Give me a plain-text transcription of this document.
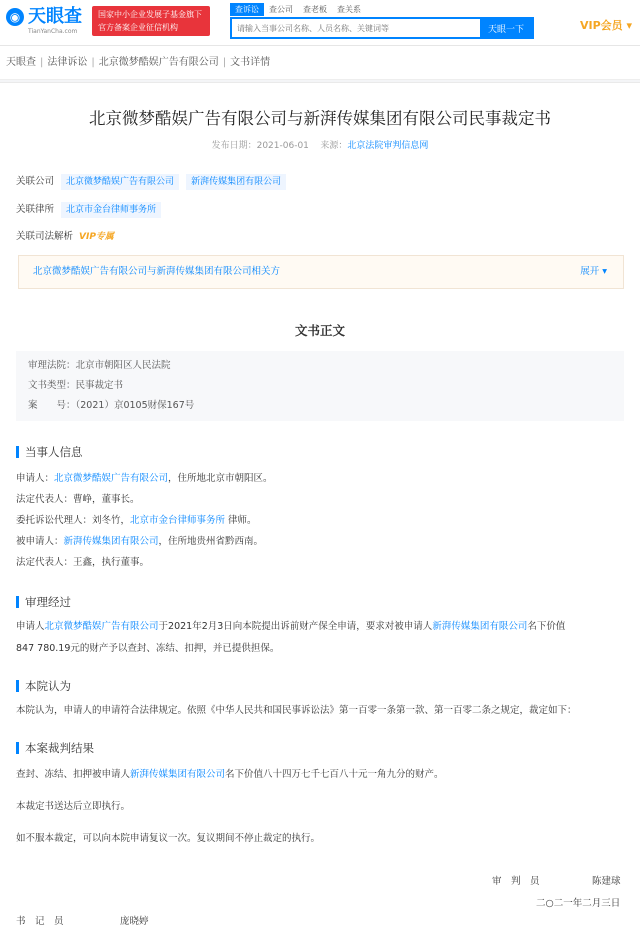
◉ 天眼查
TianYanCha.com
国家中小企业发展子基金旗下
官方备案企业征信机构
查诉讼	查公司	查老板	查关系
请输入当事公司名称、人员名称、关键词等
天眼一下	VIP会员 ▾
天眼查 | 法律诉讼 | 北京微梦酷娱广告有限公司 | 文书详情
北京微梦酷娱广告有限公司与新湃传媒集团有限公司民事裁定书
发布日期：2021-06-01 来源：北京法院审判信息网
关联公司 北京微梦酷娱广告有限公司 新湃传媒集团有限公司
关联律所 北京市金台律师事务所
关联司法解析 VIP专属
北京微梦酷娱广告有限公司与新湃传媒集团有限公司相关方	展开 ▾
文书正文
审理法院：北京市朝阳区人民法院
文书类型：民事裁定书
案　　号：（2021）京0105财保167号
当事人信息
申请人：北京微梦酷娱广告有限公司，住所地北京市朝阳区。
法定代表人：曹峥，董事长。
委托诉讼代理人：刘冬竹，北京市金台律师事务所 律师。
被申请人：新湃传媒集团有限公司，住所地贵州省黔西南。
法定代表人：王鑫，执行董事。
审理经过
申请人北京微梦酷娱广告有限公司于2021年2月3日向本院提出诉前财产保全申请，要求对被申请人新湃传媒集团有限公司名下价值
847 780.19元的财产予以查封、冻结、扣押，并已提供担保。
本院认为
本院认为，申请人的申请符合法律规定。依照《中华人民共和国民事诉讼法》第一百零一条第一款、第一百零二条之规定，裁定如下：
本案裁判结果
查封、冻结、扣押被申请人新湃传媒集团有限公司名下价值八十四万七千七百八十元一角九分的财产。
本裁定书送达后立即执行。
如不服本裁定，可以向本院申请复议一次。复议期间不停止裁定的执行。
审　判　员	陈建球
二○二一年二月三日
书　记　员	庞晓婷
